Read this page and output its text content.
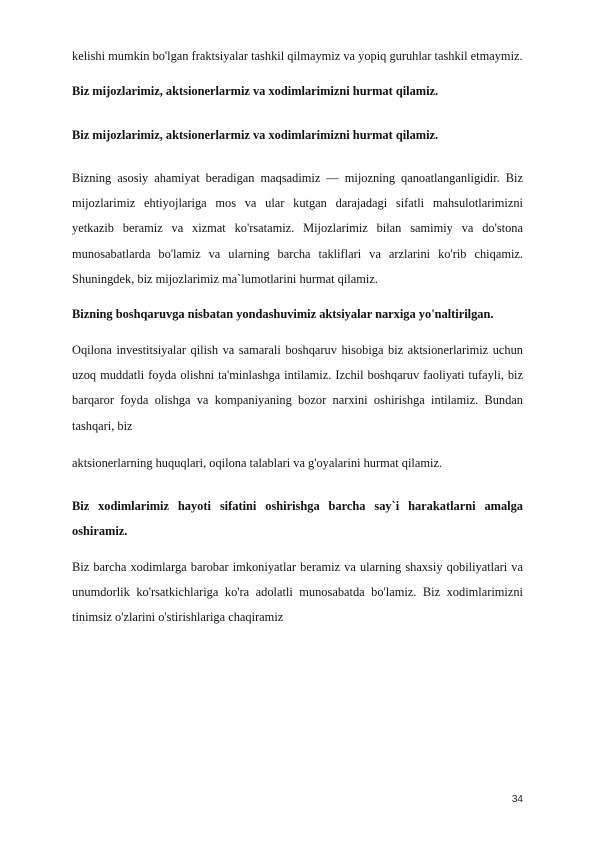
kelishi mumkin bo'lgan fraktsiyalar tashkil qilmaymiz va yopiq guruhlar tashkil etmaymiz.

Biz mijozlarimiz, aktsionerlarmiz va xodimlarimizni hurmat qilamiz.

Biz mijozlarimiz, aktsionerlarmiz va xodimlarimizni hurmat qilamiz.

Bizning asosiy ahamiyat beradigan maqsadimiz — mijozning qanoatlanganligidir. Biz mijozlarimiz ehtiyojlariga mos va ular kutgan darajadagi sifatli mahsulotlarimizni yetkazib beramiz va xizmat ko'rsatamiz. Mijozlarimiz bilan samimiy va do'stona munosabatlarda bo'lamiz va ularning barcha takliflari va arzlarini ko'rib chiqamiz. Shuningdek, biz mijozlarimiz ma`lumotlarini hurmat qilamiz.

Bizning boshqaruvga nisbatan yondashuvimiz aktsiyalar narxiga yo'naltirilgan.

Oqilona investitsiyalar qilish va samarali boshqaruv hisobiga biz aktsionerlarimiz uchun uzoq muddatli foyda olishni ta'minlashga intilamiz. Izchil boshqaruv faoliyati tufayli, biz barqaror foyda olishga va kompaniyaning bozor narxini oshirishga intilamiz. Bundan tashqari, biz

aktsionerlarning huquqlari, oqilona talablari va g'oyalarini hurmat qilamiz.

Biz xodimlarimiz hayoti sifatini oshirishga barcha say`i harakatlarni amalga oshiramiz.

Biz barcha xodimlarga barobar imkoniyatlar beramiz va ularning shaxsiy qobiliyatlari va unumdorlik ko'rsatkichlariga ko'ra adolatli munosabatda bo'lamiz. Biz xodimlarimizni tinimsiz o'zlarini o'stirishlariga chaqiramiz

34
